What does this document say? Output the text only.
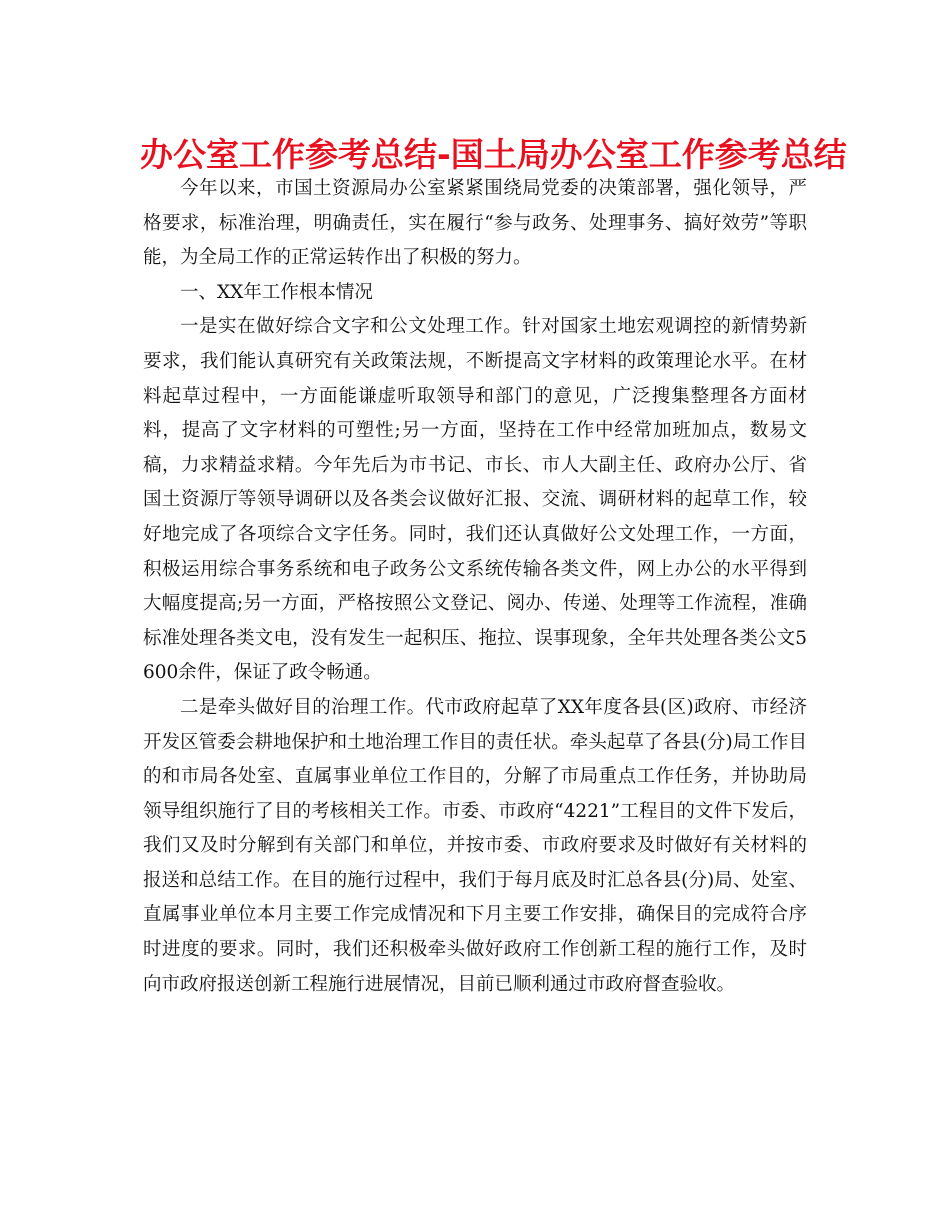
办公室工作参考总结-国土局办公室工作参考总结

今年以来，市国土资源局办公室紧紧围绕局党委的决策部署，强化领导，严格要求，标准治理，明确责任，实在履行“参与政务、处理事务、搞好效劳”等职能，为全局工作的正常运转作出了积极的努力。

一、XX年工作根本情况

一是实在做好综合文字和公文处理工作。针对国家土地宏观调控的新情势新要求，我们能认真研究有关政策法规，不断提高文字材料的政策理论水平。在材料起草过程中，一方面能谦虚听取领导和部门的意见，广泛搜集整理各方面材料，提高了文字材料的可塑性;另一方面，坚持在工作中经常加班加点，数易文稿，力求精益求精。今年先后为市书记、市长、市人大副主任、政府办公厅、省国土资源厅等领导调研以及各类会议做好汇报、交流、调研材料的起草工作，较好地完成了各项综合文字任务。同时，我们还认真做好公文处理工作，一方面，积极运用综合事务系统和电子政务公文系统传输各类文件，网上办公的水平得到大幅度提高;另一方面，严格按照公文登记、阅办、传递、处理等工作流程，准确标准处理各类文电，没有发生一起积压、拖拉、误事现象，全年共处理各类公文5600余件，保证了政令畅通。

二是牵头做好目的治理工作。代市政府起草了XX年度各县(区)政府、市经济开发区管委会耕地保护和土地治理工作目的责任状。牵头起草了各县(分)局工作目的和市局各处室、直属事业单位工作目的，分解了市局重点工作任务，并协助局领导组织施行了目的考核相关工作。市委、市政府“4221”工程目的文件下发后，我们又及时分解到有关部门和单位，并按市委、市政府要求及时做好有关材料的报送和总结工作。在目的施行过程中，我们于每月底及时汇总各县(分)局、处室、直属事业单位本月主要工作完成情况和下月主要工作安排，确保目的完成符合序时进度的要求。同时，我们还积极牵头做好政府工作创新工程的施行工作，及时向市政府报送创新工程施行进展情况，目前已顺利通过市政府督查验收。
